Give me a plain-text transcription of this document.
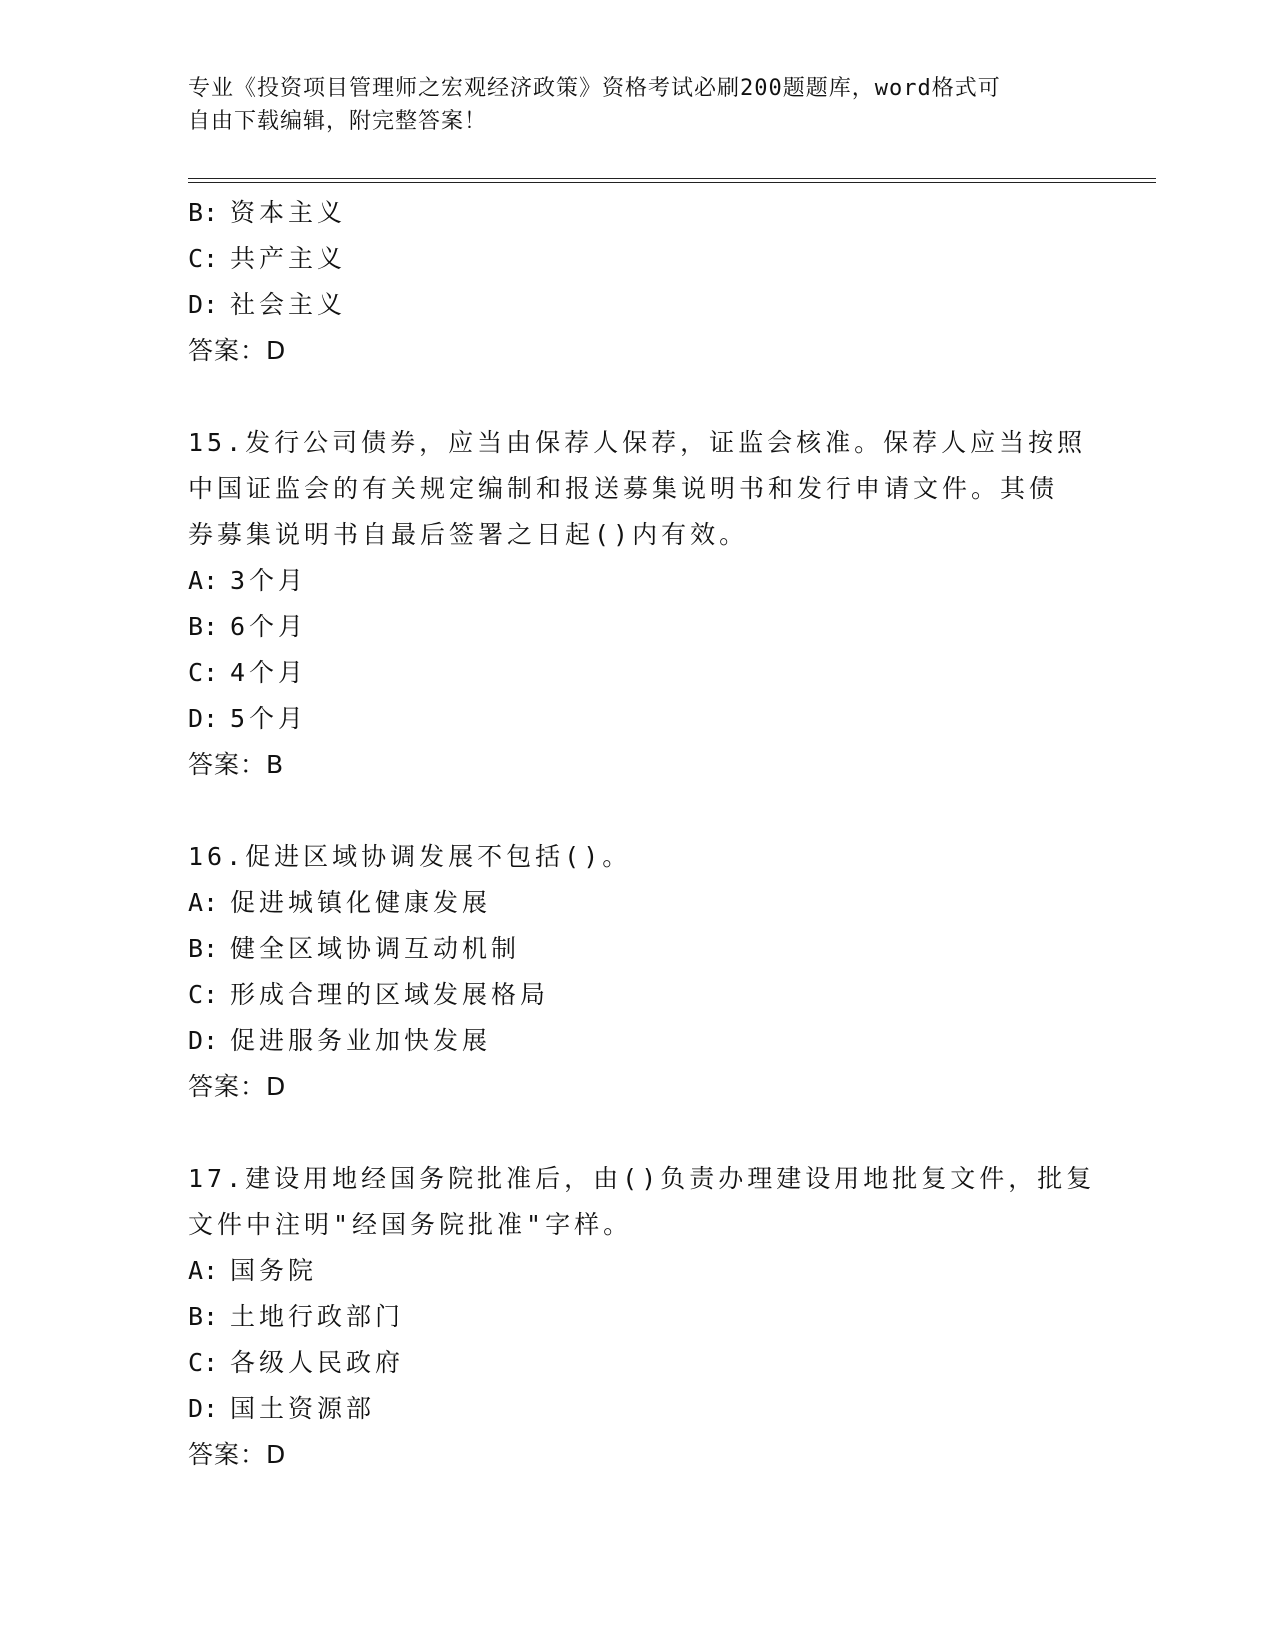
专业《投资项目管理师之宏观经济政策》资格考试必刷200题题库，word格式可
自由下载编辑，附完整答案！
B: 资本主义
C: 共产主义
D: 社会主义
答案：D
15.发行公司债券，应当由保荐人保荐，证监会核准。保荐人应当按照
中国证监会的有关规定编制和报送募集说明书和发行申请文件。其债
券募集说明书自最后签署之日起()内有效。
A: 3个月
B: 6个月
C: 4个月
D: 5个月
答案：B
16.促进区域协调发展不包括()。
A: 促进城镇化健康发展
B: 健全区域协调互动机制
C: 形成合理的区域发展格局
D: 促进服务业加快发展
答案：D
17.建设用地经国务院批准后，由()负责办理建设用地批复文件，批复
文件中注明"经国务院批准"字样。
A: 国务院
B: 土地行政部门
C: 各级人民政府
D: 国土资源部
答案：D
